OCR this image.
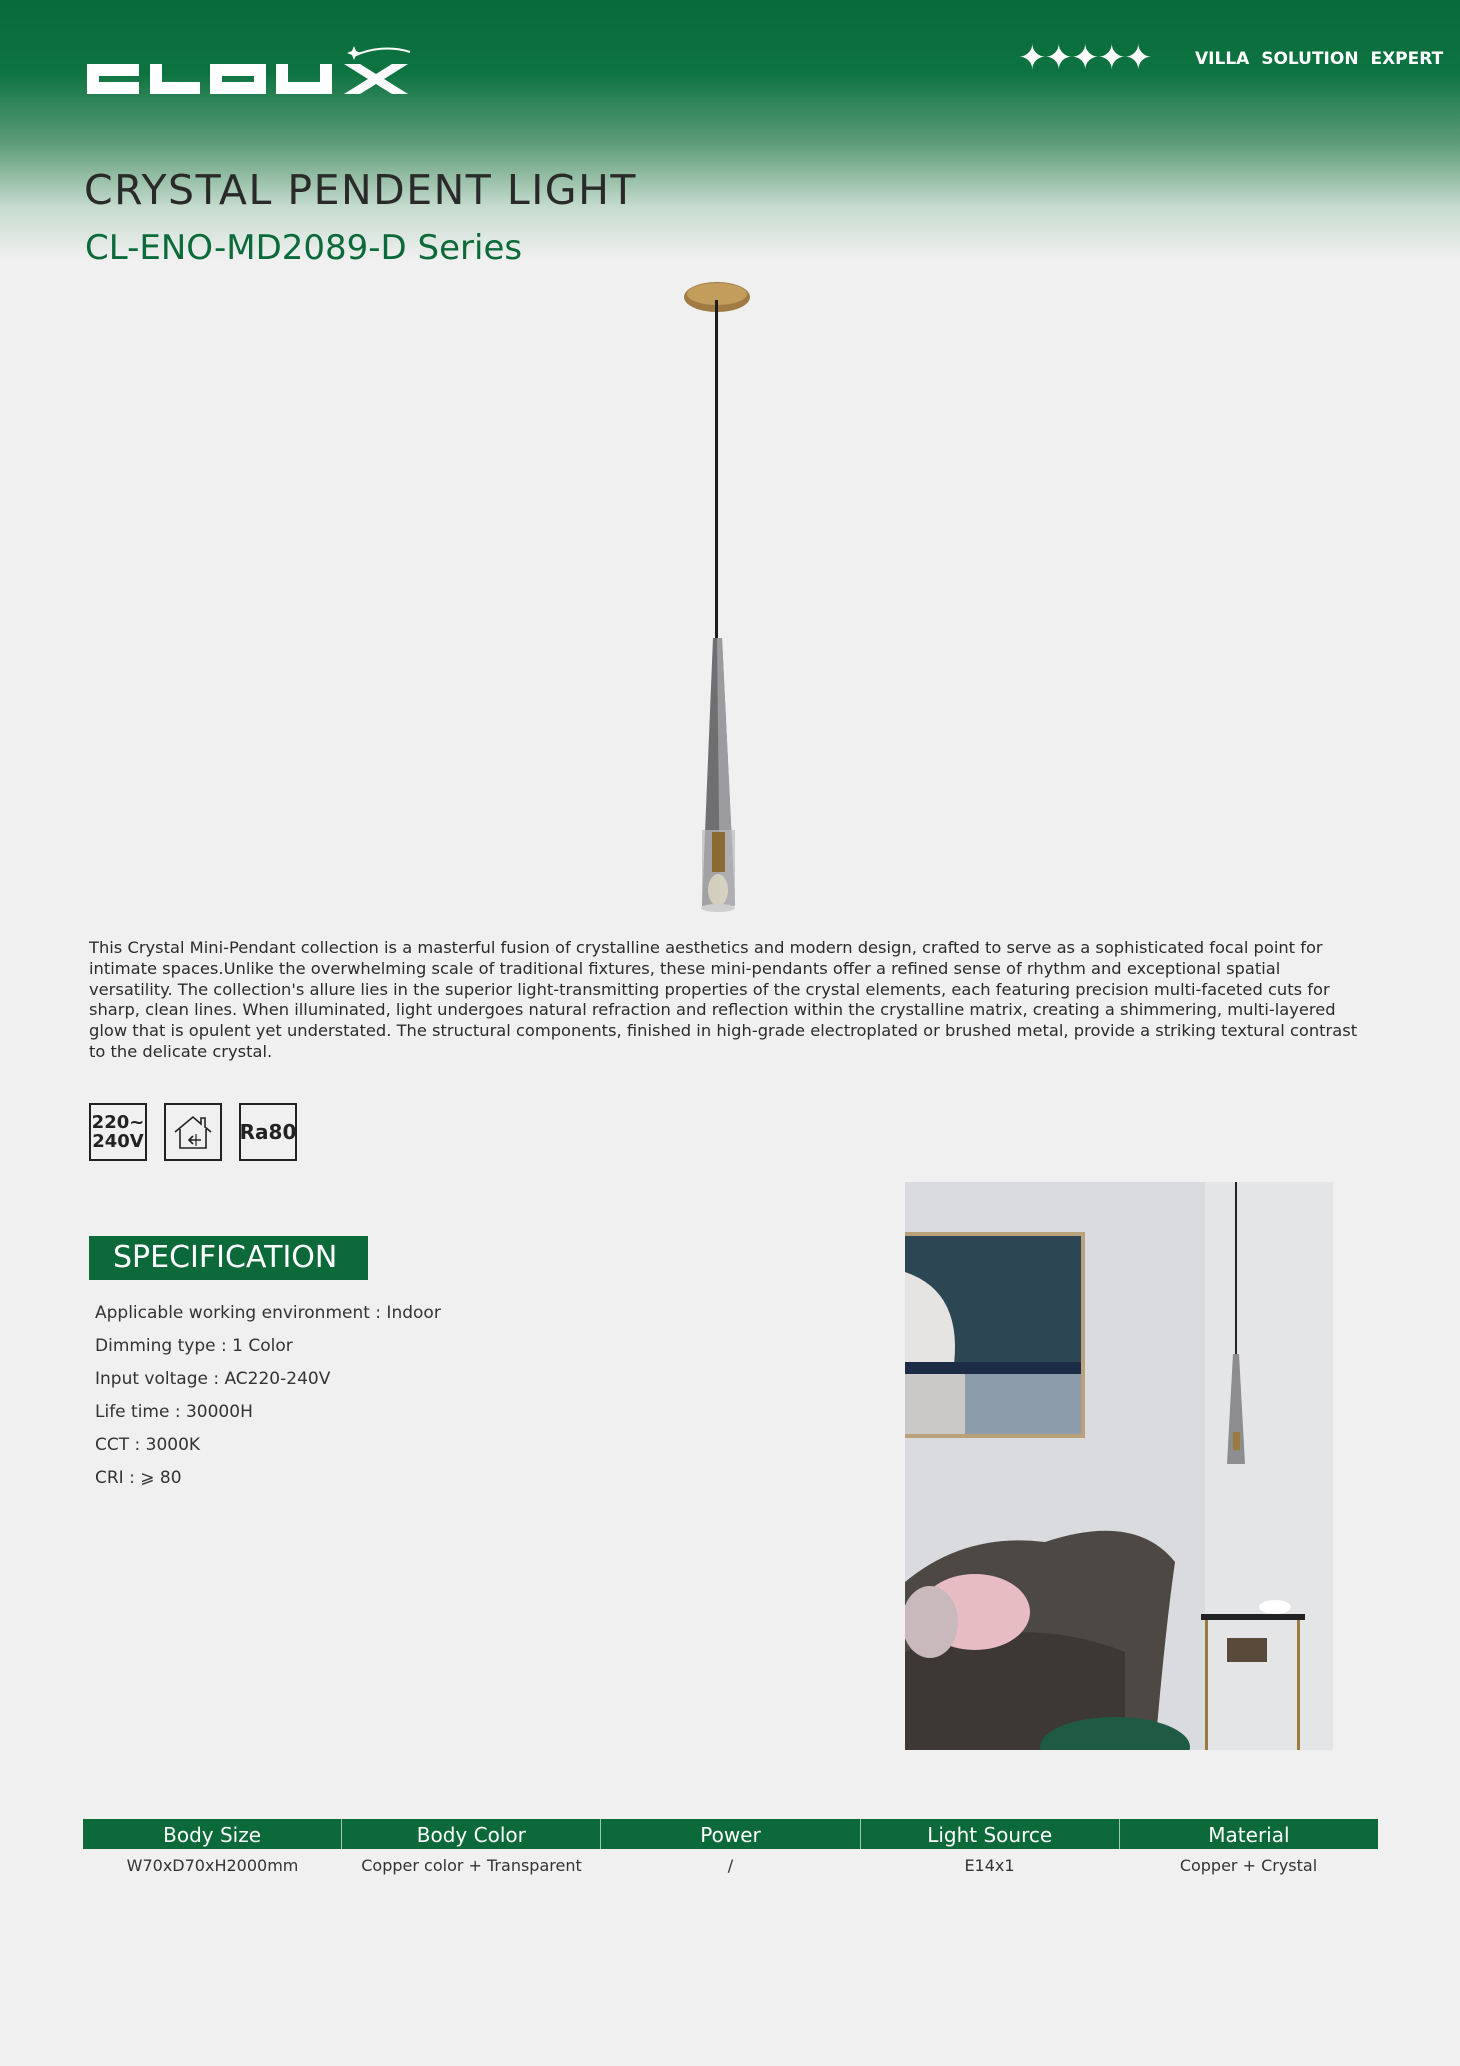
✦✦✦✦✦	VILLA SOLUTION EXPERT
CRYSTAL PENDENT LIGHT
CL-ENO-MD2089-D Series

This Crystal Mini-Pendant collection is a masterful fusion of crystalline aesthetics and modern design, crafted to serve as a sophisticated focal point for intimate spaces.Unlike the overwhelming scale of traditional fixtures, these mini-pendants offer a refined sense of rhythm and exceptional spatial versatility. The collection's allure lies in the superior light-transmitting properties of the crystal elements, each featuring precision multi-faceted cuts for sharp, clean lines. When illuminated, light undergoes natural refraction and reflection within the crystalline matrix, creating a shimmering, multi-layered glow that is opulent yet understated. The structural components, finished in high-grade electroplated or brushed metal, provide a striking textural contrast to the delicate crystal.

220~
240V	Ra80
SPECIFICATION
Applicable working environment : Indoor
Dimming type : 1 Color
Input voltage : AC220-240V
Life time : 30000H
CCT : 3000K
CRI : ⩾ 80
Body Size	Body Color	Power	Light Source	Material
W70xD70xH2000mm	Copper color + Transparent	/	E14x1	Copper + Crystal
